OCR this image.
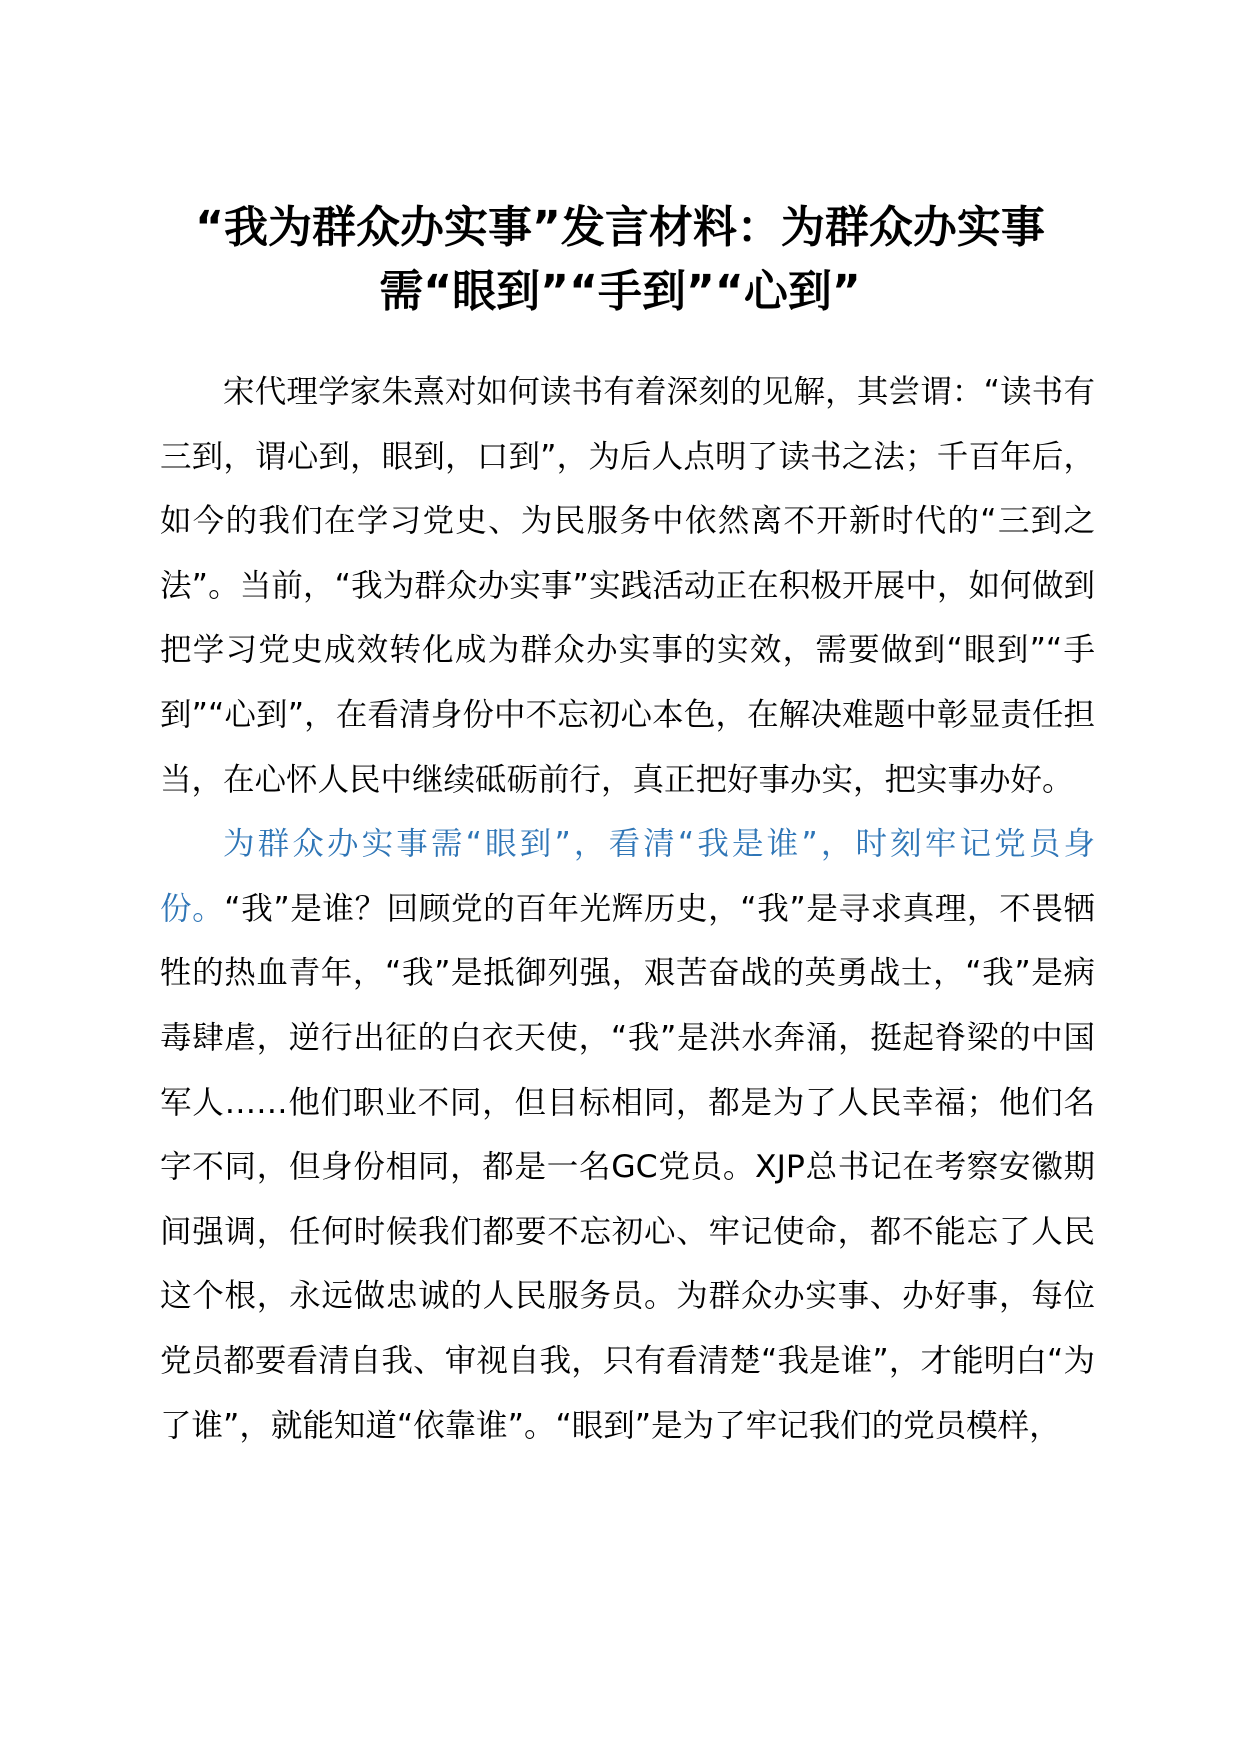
“我为群众办实事”发言材料：为群众办实事
需“眼到”“手到”“心到”

宋代理学家朱熹对如何读书有着深刻的见解，其尝谓：“读书有三到，谓心到，眼到，口到”，为后人点明了读书之法；千百年后，如今的我们在学习党史、为民服务中依然离不开新时代的“三到之法”。当前，“我为群众办实事”实践活动正在积极开展中，如何做到把学习党史成效转化成为群众办实事的实效，需要做到“眼到”“手到”“心到”，在看清身份中不忘初心本色，在解决难题中彰显责任担当，在心怀人民中继续砥砺前行，真正把好事办实，把实事办好。

为群众办实事需“眼到”，看清“我是谁”，时刻牢记党员身份。“我”是谁？回顾党的百年光辉历史，“我”是寻求真理，不畏牺牲的热血青年，“我”是抵御列强，艰苦奋战的英勇战士，“我”是病毒肆虐，逆行出征的白衣天使，“我”是洪水奔涌，挺起脊梁的中国军人……他们职业不同，但目标相同，都是为了人民幸福；他们名字不同，但身份相同，都是一名GC党员。XJP总书记在考察安徽期间强调，任何时候我们都要不忘初心、牢记使命，都不能忘了人民这个根，永远做忠诚的人民服务员。为群众办实事、办好事，每位党员都要看清自我、审视自我，只有看清楚“我是谁”，才能明白“为了谁”，就能知道“依靠谁”。“眼到”是为了牢记我们的党员模样，
